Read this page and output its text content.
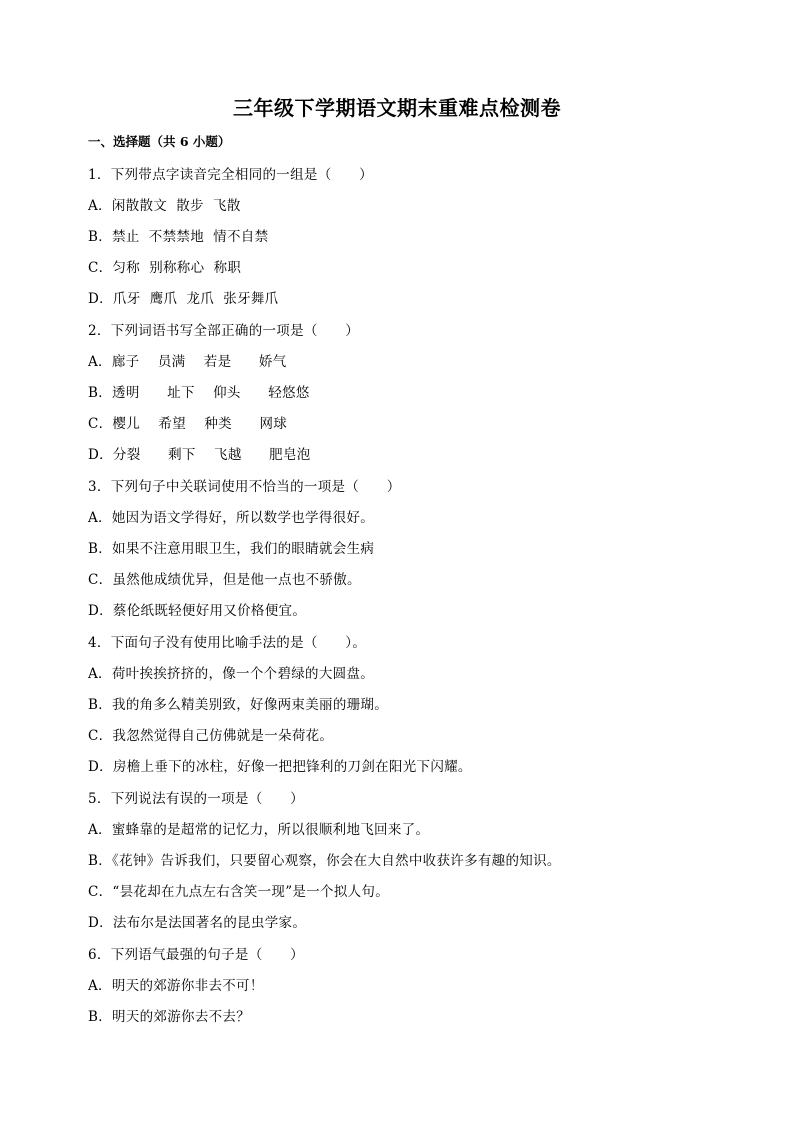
三年级下学期语文期末重难点检测卷
一、选择题（共 6 小题）
1．下列带点字读音完全相同的一组是（　　）
A．闲散散文  散步  飞散
B．禁止  不禁禁地  情不自禁
C．匀称  别称称心  称职
D．爪牙  鹰爪  龙爪  张牙舞爪
2．下列词语书写全部正确的一项是（　　）
A．廊子    员满    若是      娇气
B．透明      址下    仰头      轻悠悠
C．樱儿    希望    种类      网球
D．分裂      剩下    飞越      肥皂泡
3．下列句子中关联词使用不恰当的一项是（　　）
A．她因为语文学得好，所以数学也学得很好。
B．如果不注意用眼卫生，我们的眼睛就会生病
C．虽然他成绩优异，但是他一点也不骄傲。
D．蔡伦纸既轻便好用又价格便宜。
4．下面句子没有使用比喻手法的是（　　）。
A．荷叶挨挨挤挤的，像一个个碧绿的大圆盘。
B．我的角多么精美别致，好像两束美丽的珊瑚。
C．我忽然觉得自己仿佛就是一朵荷花。
D．房檐上垂下的冰柱，好像一把把锋利的刀剑在阳光下闪耀。
5．下列说法有误的一项是（　　）
A．蜜蜂靠的是超常的记忆力，所以很顺利地飞回来了。
B．《花钟》告诉我们，只要留心观察，你会在大自然中收获许多有趣的知识。
C．“昙花却在九点左右含笑一现”是一个拟人句。
D．法布尔是法国著名的昆虫学家。
6．下列语气最强的句子是（　　）
A．明天的郊游你非去不可！
B．明天的郊游你去不去？
